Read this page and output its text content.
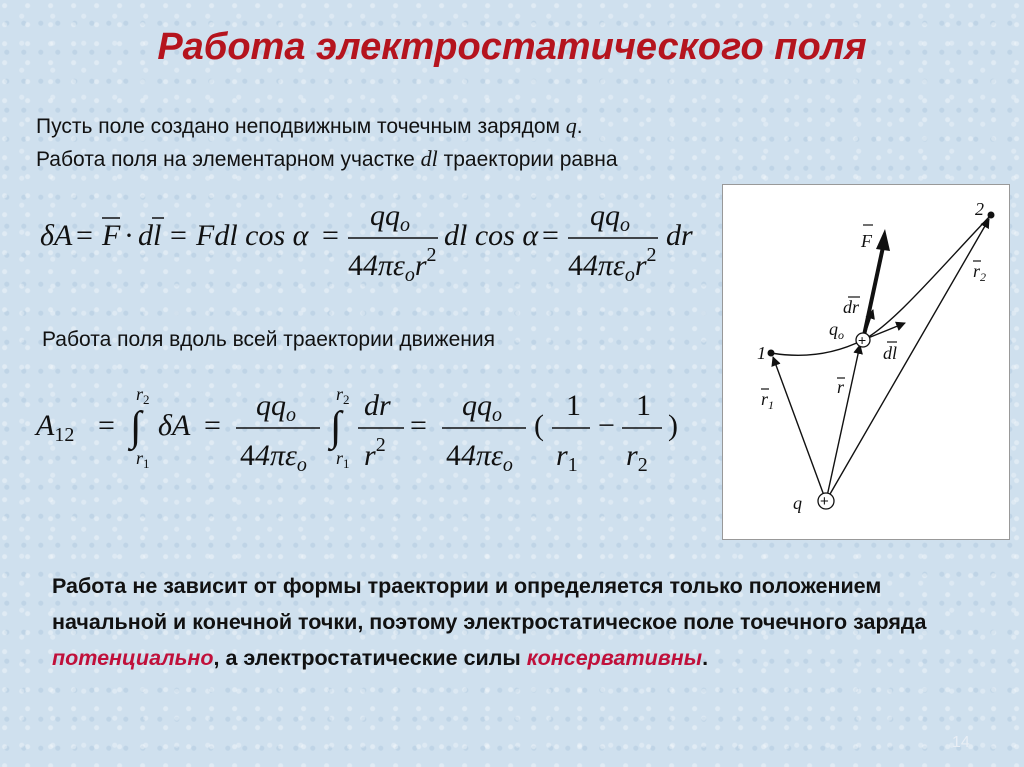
Работа электростатического поля
Пусть поле создано неподвижным точечным зарядом q.
Работа поля на элементарном участке dl траектории равна
δA = F · dl = Fdl cos α =
$qq_o$
$44\pi\varepsilon_or^2$
dl cos α =
$qq_o$
$44\pi\varepsilon_or^2$
dr
Работа поля вдоль всей траектории движения
$A_{12}$ =
$r_2$
∫
$r_1$
δA =
$qq_o$
$44\pi\varepsilon_o$
$r_2$
∫
$r_1$
dr
$r^2$
=
$qq_o$
$44\pi\varepsilon_o$
(
1
$r_1$
−
1
$r_2$
)
+
+
1
2
F
dr
$q_o$
dl
r
$r_1$
$r_2$
q
Работа не зависит от формы траектории и определяется только положением начальной и конечной точки, поэтому электростатическое поле точечного заряда потенциально, а электростатические силы консервативны.
14
